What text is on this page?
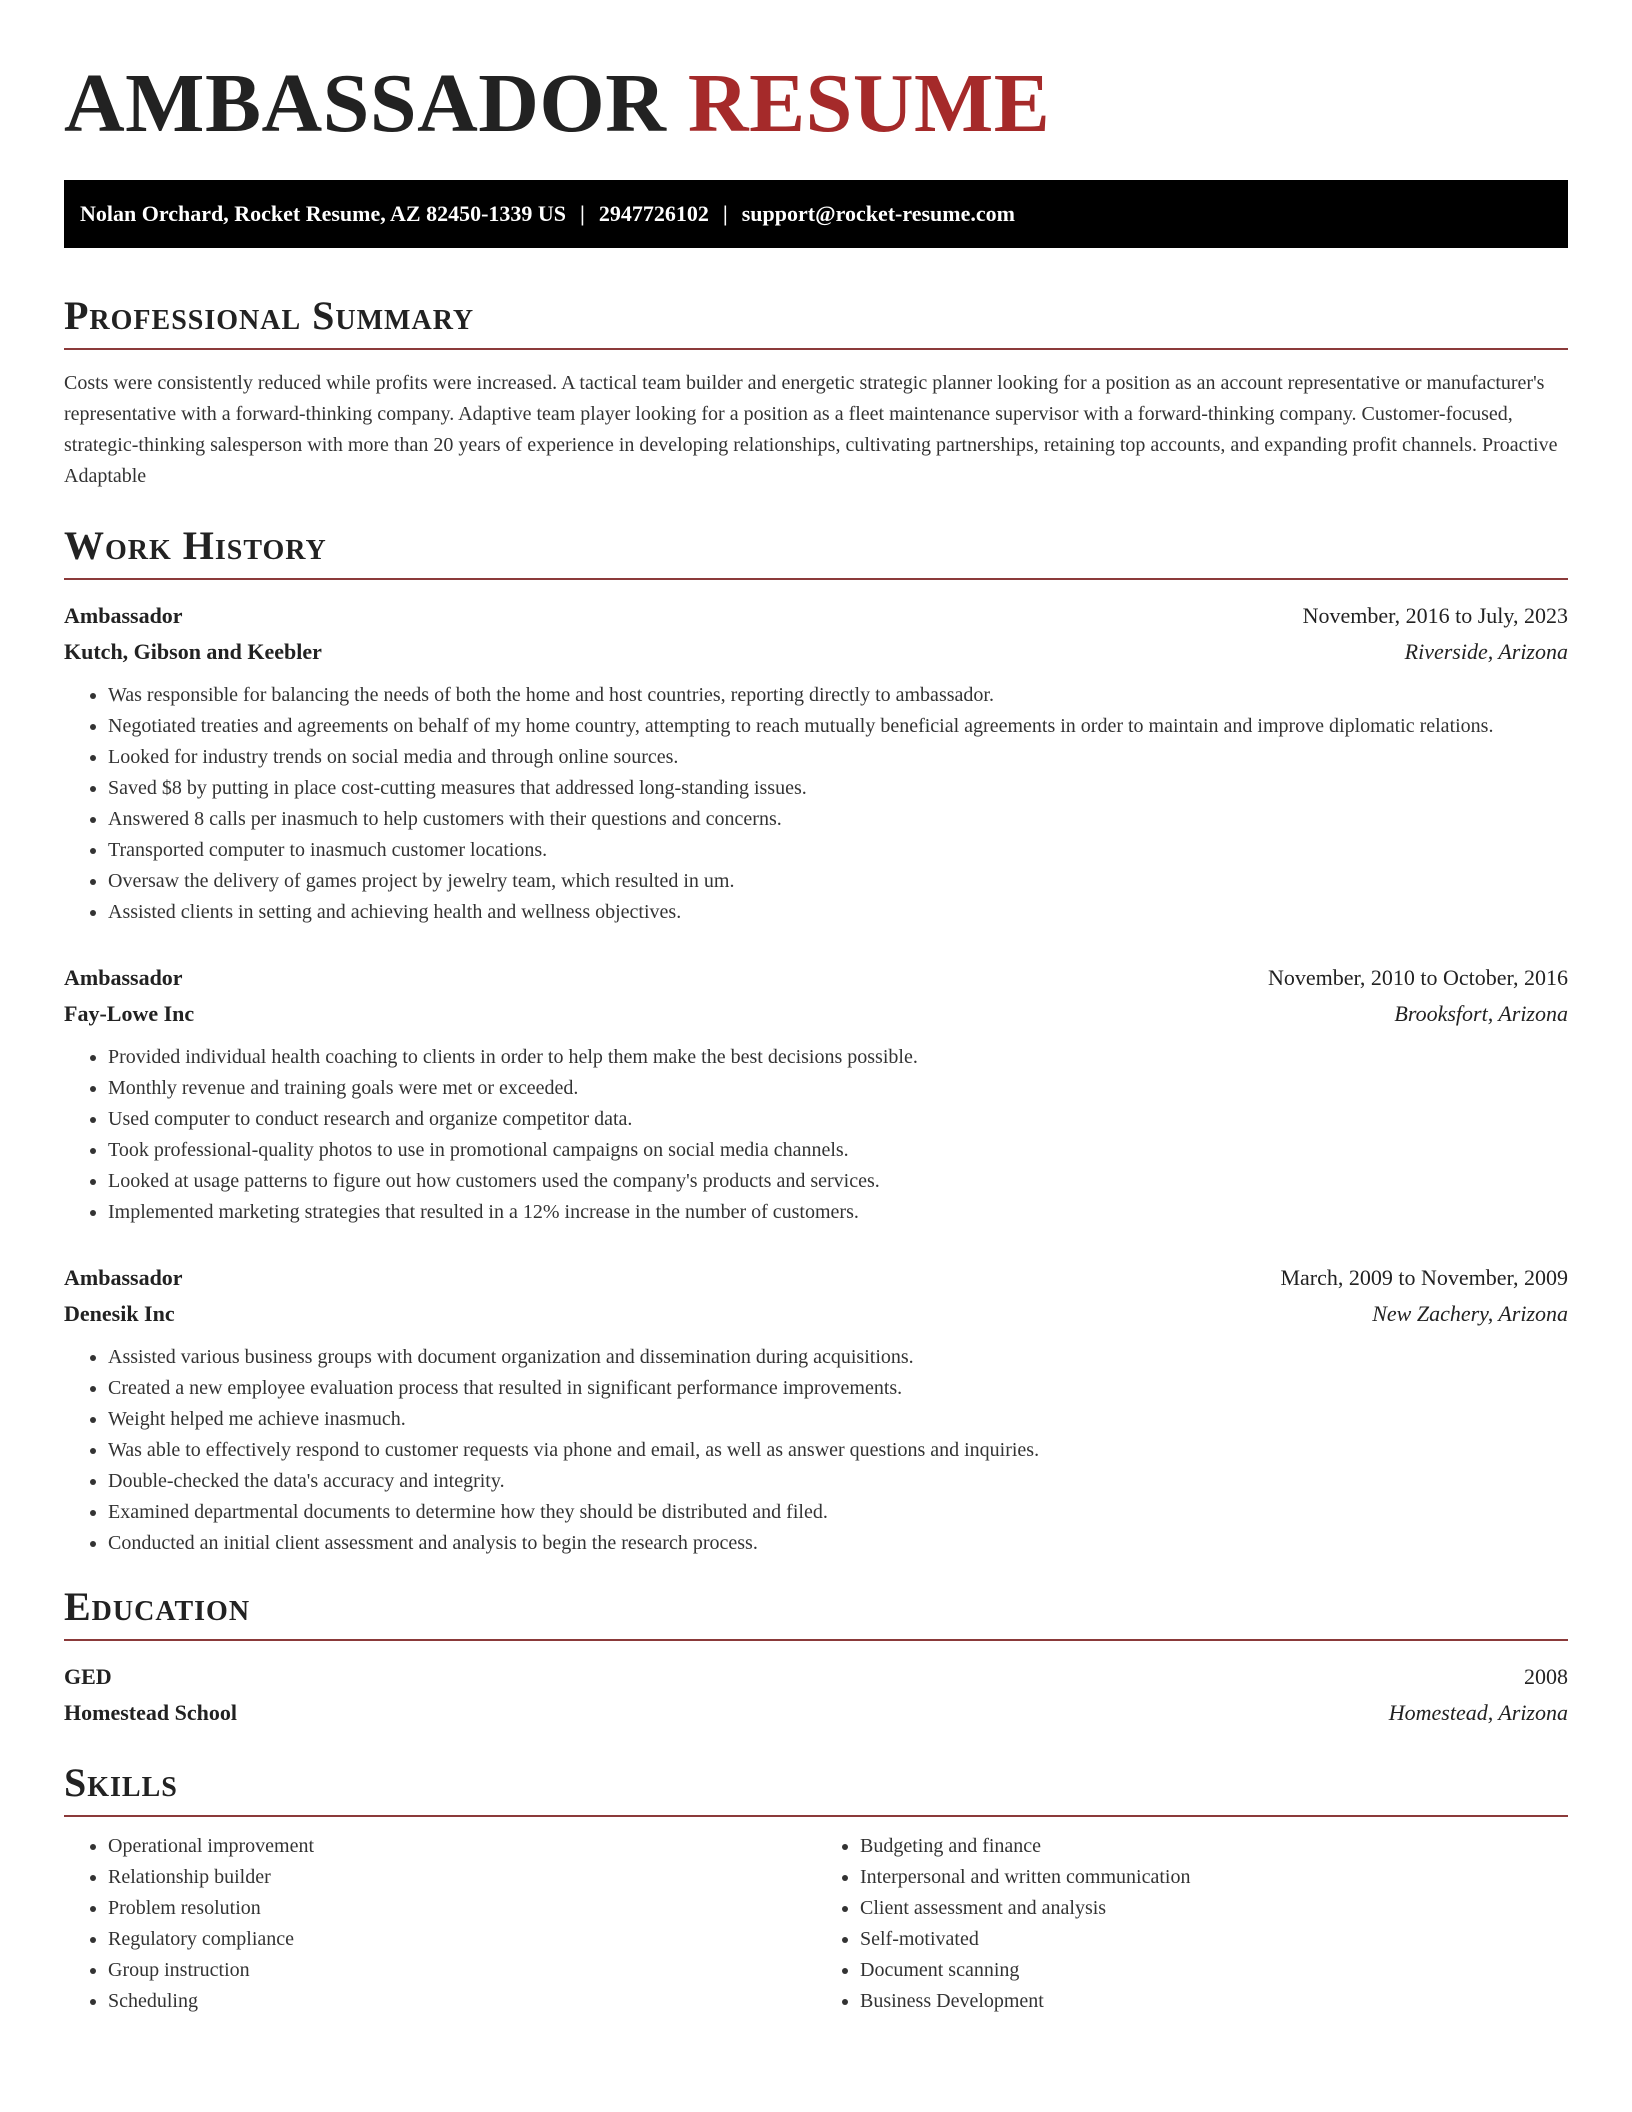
AMBASSADOR RESUME
Nolan Orchard, Rocket Resume, AZ 82450-1339 US | 2947726102 | support@rocket-resume.com
Professional Summary

Costs were consistently reduced while profits were increased. A tactical team builder and energetic strategic planner looking for a position as an account representative or manufacturer's representative with a forward-thinking company. Adaptive team player looking for a position as a fleet maintenance supervisor with a forward-thinking company. Customer-focused, strategic-thinking salesperson with more than 20 years of experience in developing relationships, cultivating partnerships, retaining top accounts, and expanding profit channels. Proactive Adaptable

Work History
Ambassador	November, 2016 to July, 2023
Kutch, Gibson and Keebler	Riverside, Arizona
• Was responsible for balancing the needs of both the home and host countries, reporting directly to ambassador.
• Negotiated treaties and agreements on behalf of my home country, attempting to reach mutually beneficial agreements in order to maintain and improve diplomatic relations.
• Looked for industry trends on social media and through online sources.
• Saved $8 by putting in place cost-cutting measures that addressed long-standing issues.
• Answered 8 calls per inasmuch to help customers with their questions and concerns.
• Transported computer to inasmuch customer locations.
• Oversaw the delivery of games project by jewelry team, which resulted in um.
• Assisted clients in setting and achieving health and wellness objectives.
Ambassador	November, 2010 to October, 2016
Fay-Lowe Inc	Brooksfort, Arizona
• Provided individual health coaching to clients in order to help them make the best decisions possible.
• Monthly revenue and training goals were met or exceeded.
• Used computer to conduct research and organize competitor data.
• Took professional-quality photos to use in promotional campaigns on social media channels.
• Looked at usage patterns to figure out how customers used the company's products and services.
• Implemented marketing strategies that resulted in a 12% increase in the number of customers.
Ambassador	March, 2009 to November, 2009
Denesik Inc	New Zachery, Arizona
• Assisted various business groups with document organization and dissemination during acquisitions.
• Created a new employee evaluation process that resulted in significant performance improvements.
• Weight helped me achieve inasmuch.
• Was able to effectively respond to customer requests via phone and email, as well as answer questions and inquiries.
• Double-checked the data's accuracy and integrity.
• Examined departmental documents to determine how they should be distributed and filed.
• Conducted an initial client assessment and analysis to begin the research process.
Education
GED	2008
Homestead School	Homestead, Arizona
Skills
• Operational improvement
• Relationship builder
• Problem resolution
• Regulatory compliance
• Group instruction
• Scheduling
• Budgeting and finance
• Interpersonal and written communication
• Client assessment and analysis
• Self-motivated
• Document scanning
• Business Development
